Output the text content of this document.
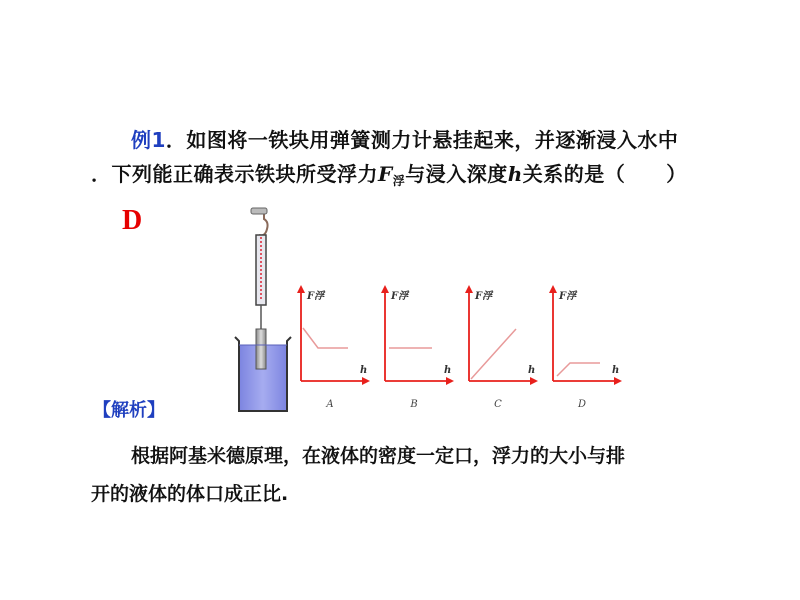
例1．如图将一铁块用弹簧测力计悬挂起来，并逐渐浸入水中
．下列能正确表示铁块所受浮力$F_浮$与浸入深度h关系的是（　　）
D
F浮
h
A
F浮
h
B
F浮
h
C
F浮
h
D
【解析】
根据阿基米德原理，在液体的密度一定口，浮力的大小与排
开的液体的体口成正比.
